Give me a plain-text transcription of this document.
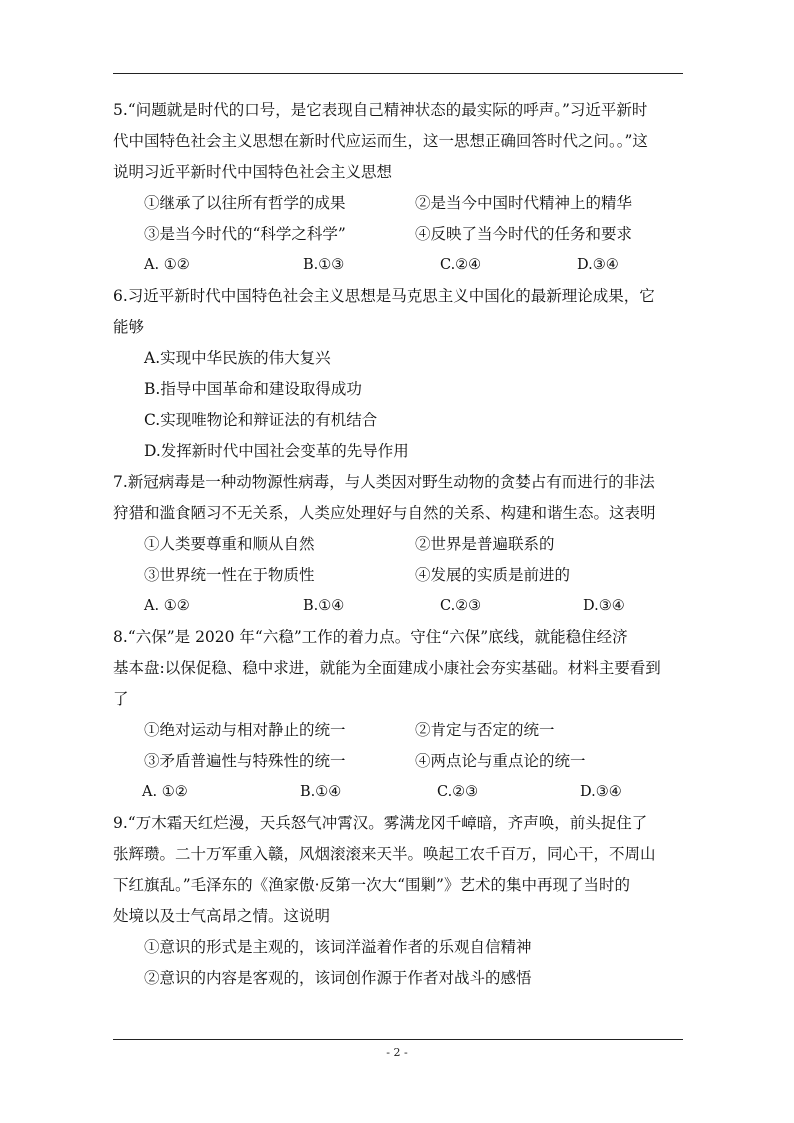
5.“问题就是时代的口号，是它表现自己精神状态的最实际的呼声。”习近平新时
代中国特色社会主义思想在新时代应运而生，这一思想正确回答时代之问。。”这
说明习近平新时代中国特色社会主义思想
①继承了以往所有哲学的成果	②是当今中国时代精神上的精华
③是当今时代的“科学之科学”	④反映了当今时代的任务和要求
A. ①②	B.①③	C.②④	D.③④
6.习近平新时代中国特色社会主义思想是马克思主义中国化的最新理论成果，它
能够
A.实现中华民族的伟大复兴
B.指导中国革命和建设取得成功
C.实现唯物论和辩证法的有机结合
D.发挥新时代中国社会变革的先导作用
7.新冠病毒是一种动物源性病毒，与人类因对野生动物的贪婪占有而进行的非法
狩猎和滥食陋习不无关系，人类应处理好与自然的关系、构建和谐生态。这表明
①人类要尊重和顺从自然	②世界是普遍联系的
③世界统一性在于物质性	④发展的实质是前进的
A. ①②	B.①④	C.②③	D.③④
8.“六保”是 2020 年“六稳”工作的着力点。守住“六保”底线，就能稳住经济
基本盘:以保促稳、稳中求进，就能为全面建成小康社会夯实基础。材料主要看到
了
①绝对运动与相对静止的统一	②肯定与否定的统一
③矛盾普遍性与特殊性的统一	④两点论与重点论的统一
A. ①②	B.①④	C.②③	D.③④
9.“万木霜天红烂漫，天兵怒气冲霄汉。雾满龙冈千嶂暗，齐声唤，前头捉住了
张辉瓒。二十万军重入赣，风烟滚滚来天半。唤起工农千百万，同心干，不周山
下红旗乱。”毛泽东的《渔家傲·反第一次大“围剿”》艺术的集中再现了当时的
处境以及士气高昂之情。这说明
①意识的形式是主观的，该词洋溢着作者的乐观自信精神
②意识的内容是客观的，该词创作源于作者对战斗的感悟
- 2 -
